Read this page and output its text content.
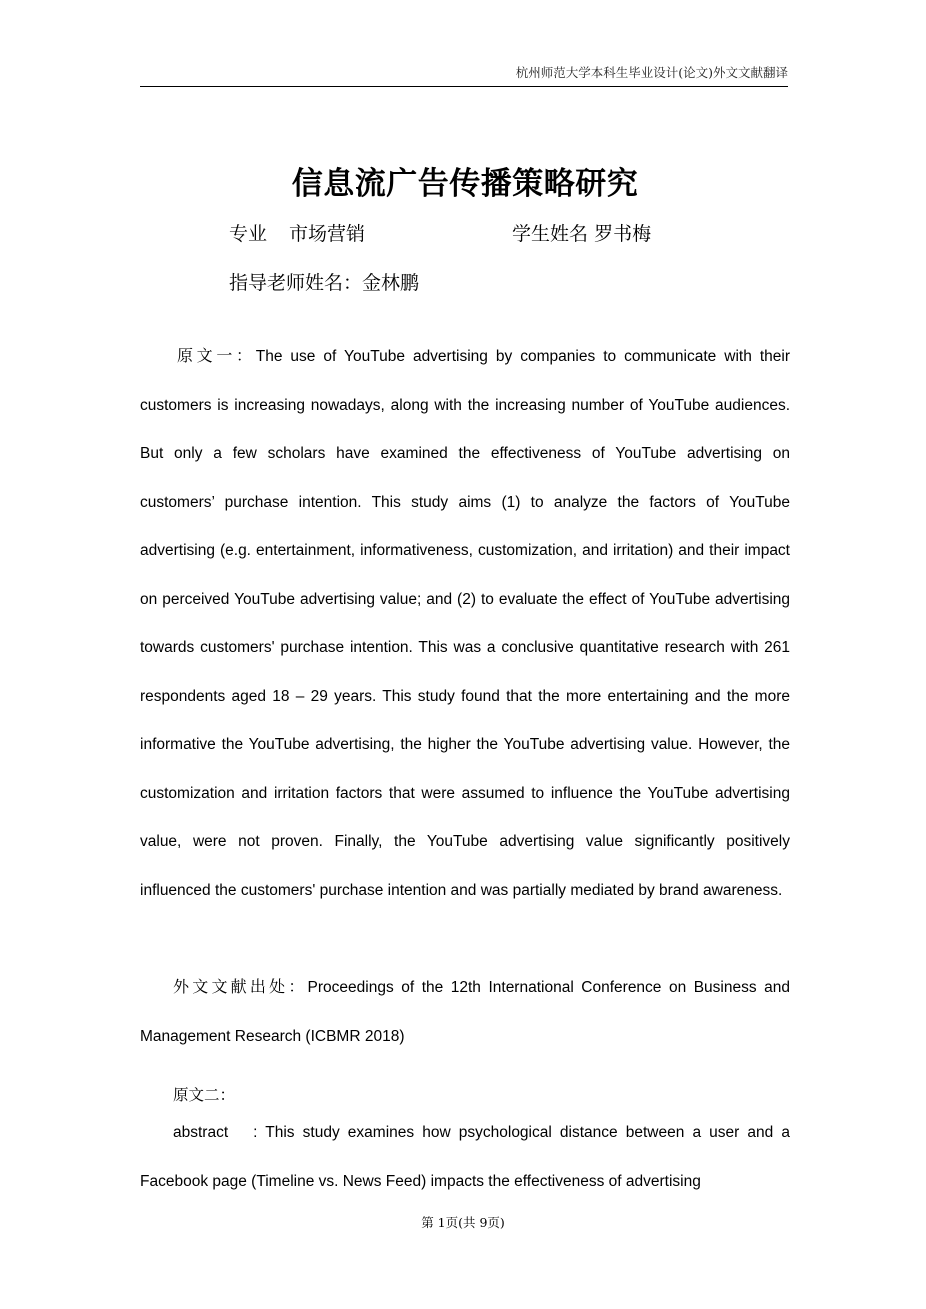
杭州师范大学本科生毕业设计(论文)外文文献翻译
信息流广告传播策略研究
专业 市场营销	学生姓名 罗书梅
指导老师姓名：金林鹏

原文一：The use of YouTube advertising by companies to communicate with their customers is increasing nowadays, along with the increasing number of YouTube audiences. But only a few scholars have examined the effectiveness of YouTube advertising on customers’ purchase intention. This study aims (1) to analyze the factors of YouTube advertising (e.g. entertainment, informativeness, customization, and irritation) and their impact on perceived YouTube advertising value; and (2) to evaluate the effect of YouTube advertising towards customers' purchase intention. This was a conclusive quantitative research with 261 respondents aged 18 – 29 years. This study found that the more entertaining and the more informative the YouTube advertising, the higher the YouTube advertising value. However, the customization and irritation factors that were assumed to influence the YouTube advertising value, were not proven. Finally, the YouTube advertising value significantly positively influenced the customers' purchase intention and was partially mediated by brand awareness.

外文文献出处：Proceedings of the 12th International Conference on Business and Management Research (ICBMR 2018)

原文二：

abstract : This study examines how psychological distance between a user and a Facebook page (Timeline vs. News Feed) impacts the effectiveness of advertising

第 1页(共 9页)
